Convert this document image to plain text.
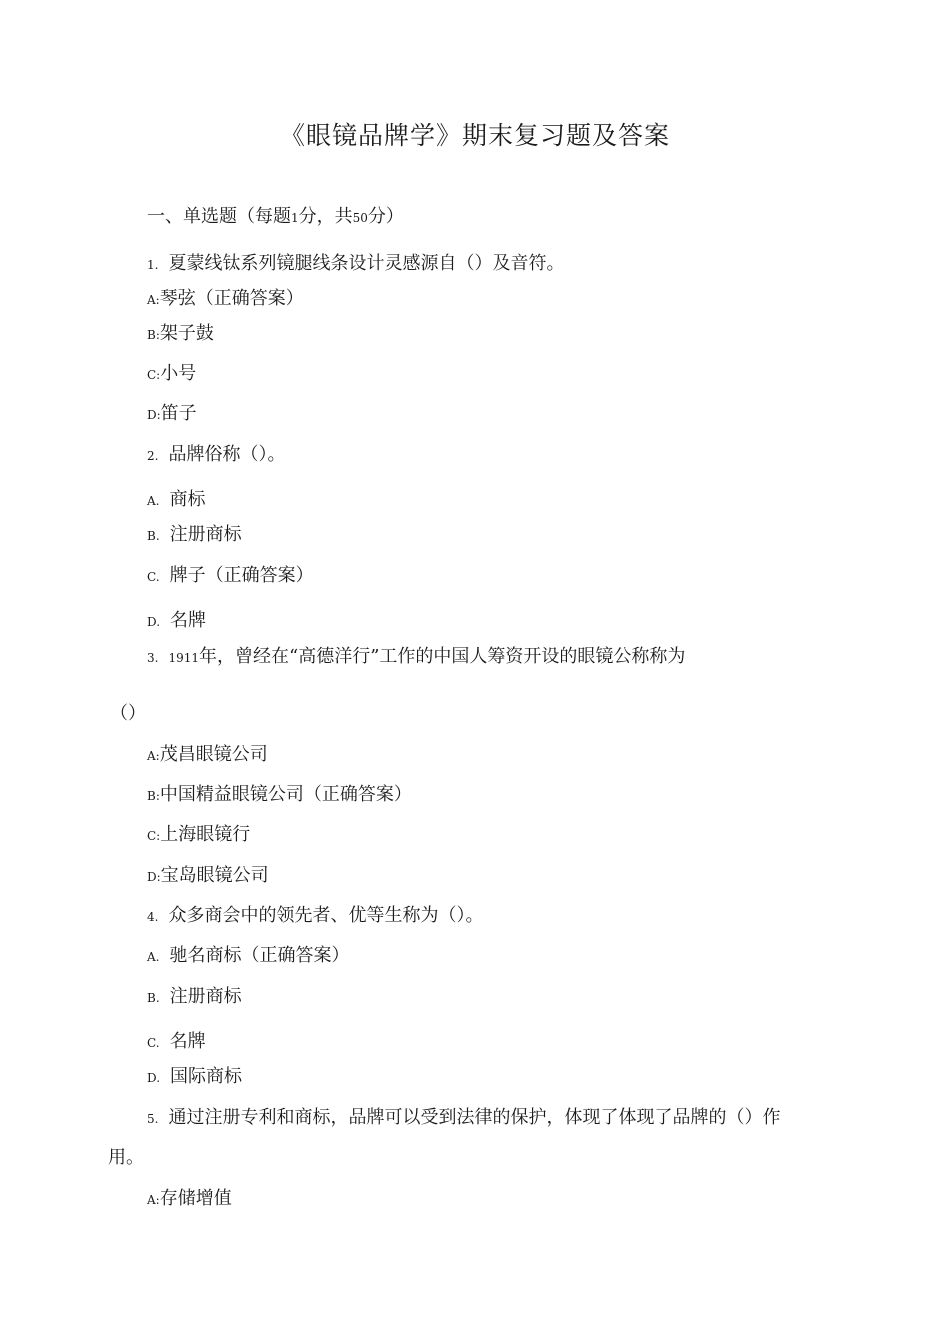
《眼镜品牌学》期末复习题及答案
一、单选题（每题1分，共50分）
1. 夏蒙线钛系列镜腿线条设计灵感源自（）及音符。
A:琴弦（正确答案）
B:架子鼓
C:小号
D:笛子
2. 品牌俗称（）。
A. 商标
B. 注册商标
C. 牌子（正确答案）
D. 名牌
3. 1911年，曾经在“高德洋行”工作的中国人筹资开设的眼镜公称称为
（）
A:茂昌眼镜公司
B:中国精益眼镜公司（正确答案）
C:上海眼镜行
D:宝岛眼镜公司
4. 众多商会中的领先者、优等生称为（）。
A. 驰名商标（正确答案）
B. 注册商标
C. 名牌
D. 国际商标
5. 通过注册专利和商标，品牌可以受到法律的保护，体现了体现了品牌的（）作
用。
A:存储增值
